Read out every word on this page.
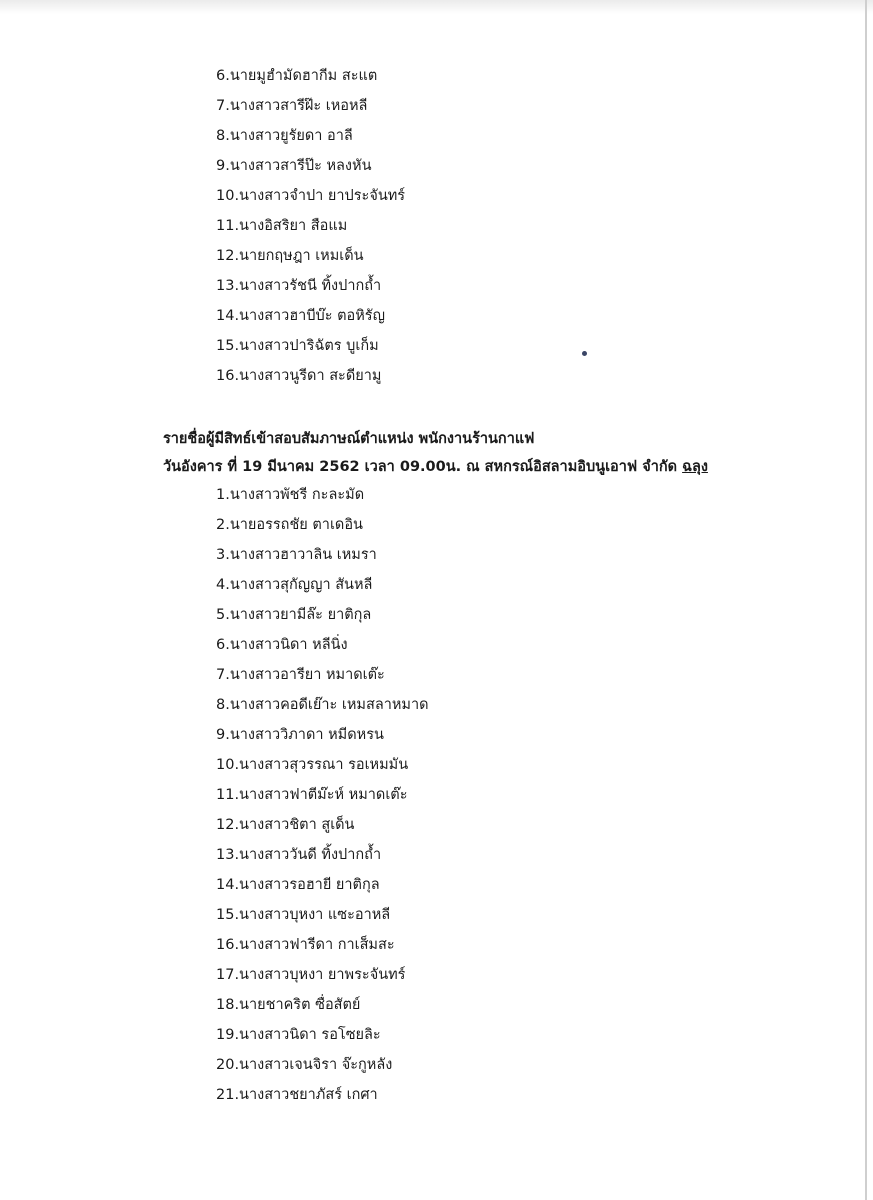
6.นายมูฮำมัดฮากีม สะแต
7.นางสาวสารีฝ๊ะ เหอหลี
8.นางสาวยูรัยดา อาลี
9.นางสาวสารีป๊ะ หลงหัน
10.นางสาวจำปา ยาประจันทร์
11.นางอิสริยา สือแม
12.นายกฤษฎา เหมเด็น
13.นางสาวรัชนี ทิ้งปากถ้ำ
14.นางสาวฮาบีบ๊ะ ตอหิรัญ
15.นางสาวปาริฉัตร บูเก็ม
16.นางสาวนูรีดา สะดียามู
รายชื่อผู้มีสิทธ์เข้าสอบสัมภาษณ์ตำแหน่ง พนักงานร้านกาแฟ
วันอังคาร ที่ 19 มีนาคม 2562 เวลา 09.00น. ณ สหกรณ์อิสลามอิบนูเอาฟ จำกัด ฉลุง
1.นางสาวพัชรี กะละมัด
2.นายอรรถชัย ตาเดอิน
3.นางสาวฮาวาลิน เหมรา
4.นางสาวสุกัญญา สันหลี
5.นางสาวยามีล๊ะ ยาติกุล
6.นางสาวนิดา หลีนิ่ง
7.นางสาวอารียา หมาดเต๊ะ
8.นางสาวคอดีเย๊าะ เหมสลาหมาด
9.นางสาววิภาดา หมีดหรน
10.นางสาวสุวรรณา รอเหมมัน
11.นางสาวฟาตีม๊ะห์ หมาดเต๊ะ
12.นางสาวชิตา สูเด็น
13.นางสาววันดี ทิ้งปากถ้ำ
14.นางสาวรอฮายี ยาติกุล
15.นางสาวบุหงา แซะอาหลี
16.นางสาวฟารีดา กาเส็มสะ
17.นางสาวบุหงา ยาพระจันทร์
18.นายชาคริต ซื่อสัตย์
19.นางสาวนิดา รอโซยลิะ
20.นางสาวเจนจิรา จ๊ะกูหลัง
21.นางสาวชยาภัสร์ เกศา
